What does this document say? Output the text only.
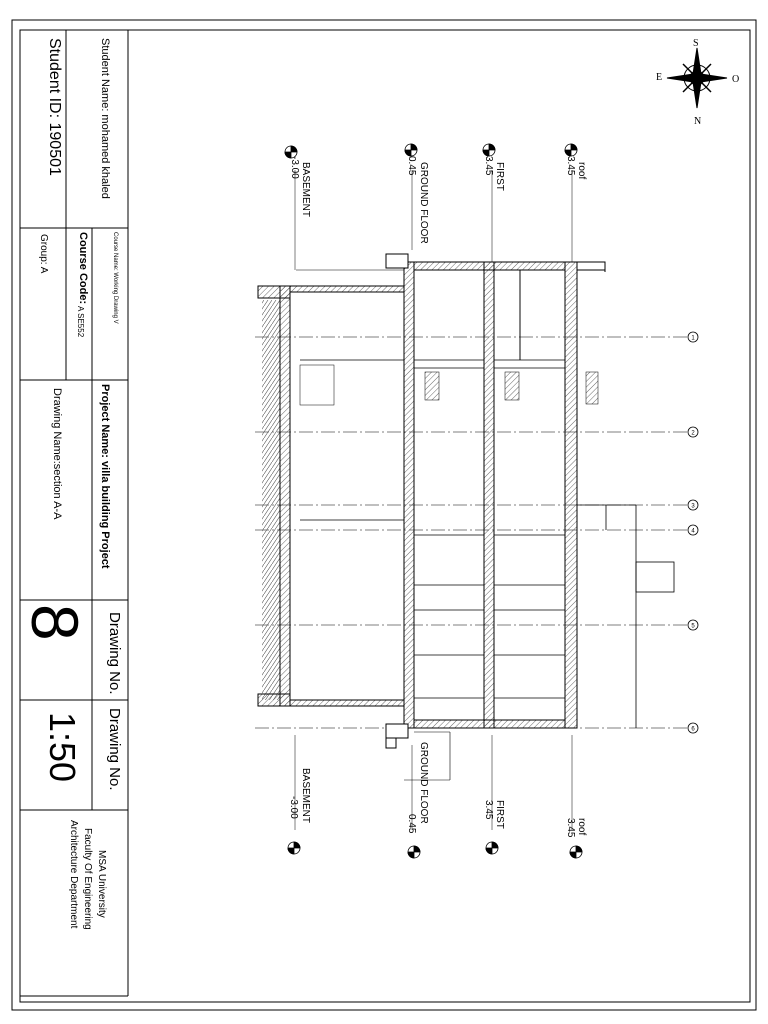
1
2
3
4
5
6
Student ID: 190501	Student Name: mohamed khaled
Course Name: Working Drawing V
Course Code:
A SE552
Group: A
Project Name: villa building Project
Drawing Name:section A-A
Drawing No.
8
Drawing No.
1:50
MSA University
Faculty Of Engineering
Architecture Department
S
N
E	O
BASEMENT
-3.00	GROUND FLOOR
0.45	FIRST
3.45	roof
3.45
BASEMENT
-3.00	GROUND FLOOR
0.45	FIRST
3.45
roof
3.45
